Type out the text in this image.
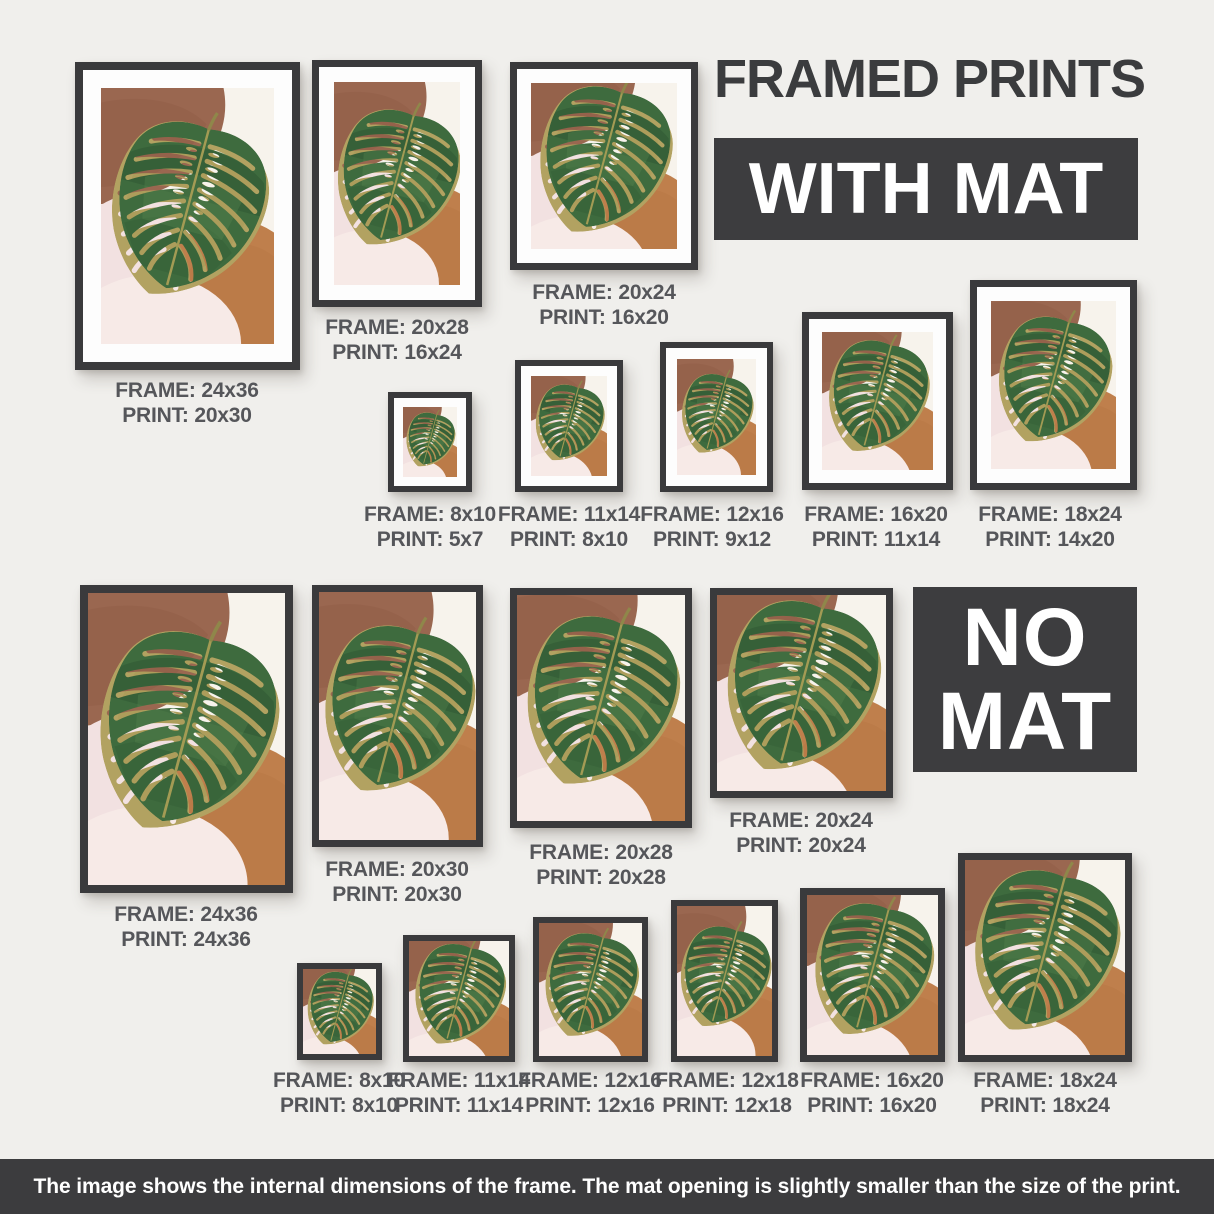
FRAMED PRINTS
WITH MAT
FRAME: 24x36
PRINT: 20x30
FRAME: 20x28
PRINT: 16x24
FRAME: 20x24
PRINT: 16x20
FRAME: 8x10
PRINT: 5x7
FRAME: 11x14
PRINT: 8x10
FRAME: 12x16
PRINT: 9x12
FRAME: 16x20
PRINT: 11x14
FRAME: 18x24
PRINT: 14x20
NO
MAT
FRAME: 24x36
PRINT: 24x36
FRAME: 20x30
PRINT: 20x30
FRAME: 20x28
PRINT: 20x28
FRAME: 20x24
PRINT: 20x24
FRAME: 8x10
PRINT: 8x10
FRAME: 11x14
PRINT: 11x14
FRAME: 12x16
PRINT: 12x16
FRAME: 12x18
PRINT: 12x18
FRAME: 16x20
PRINT: 16x20
FRAME: 18x24
PRINT: 18x24
The image shows the internal dimensions of the frame. The mat opening is slightly smaller than the size of the print.
